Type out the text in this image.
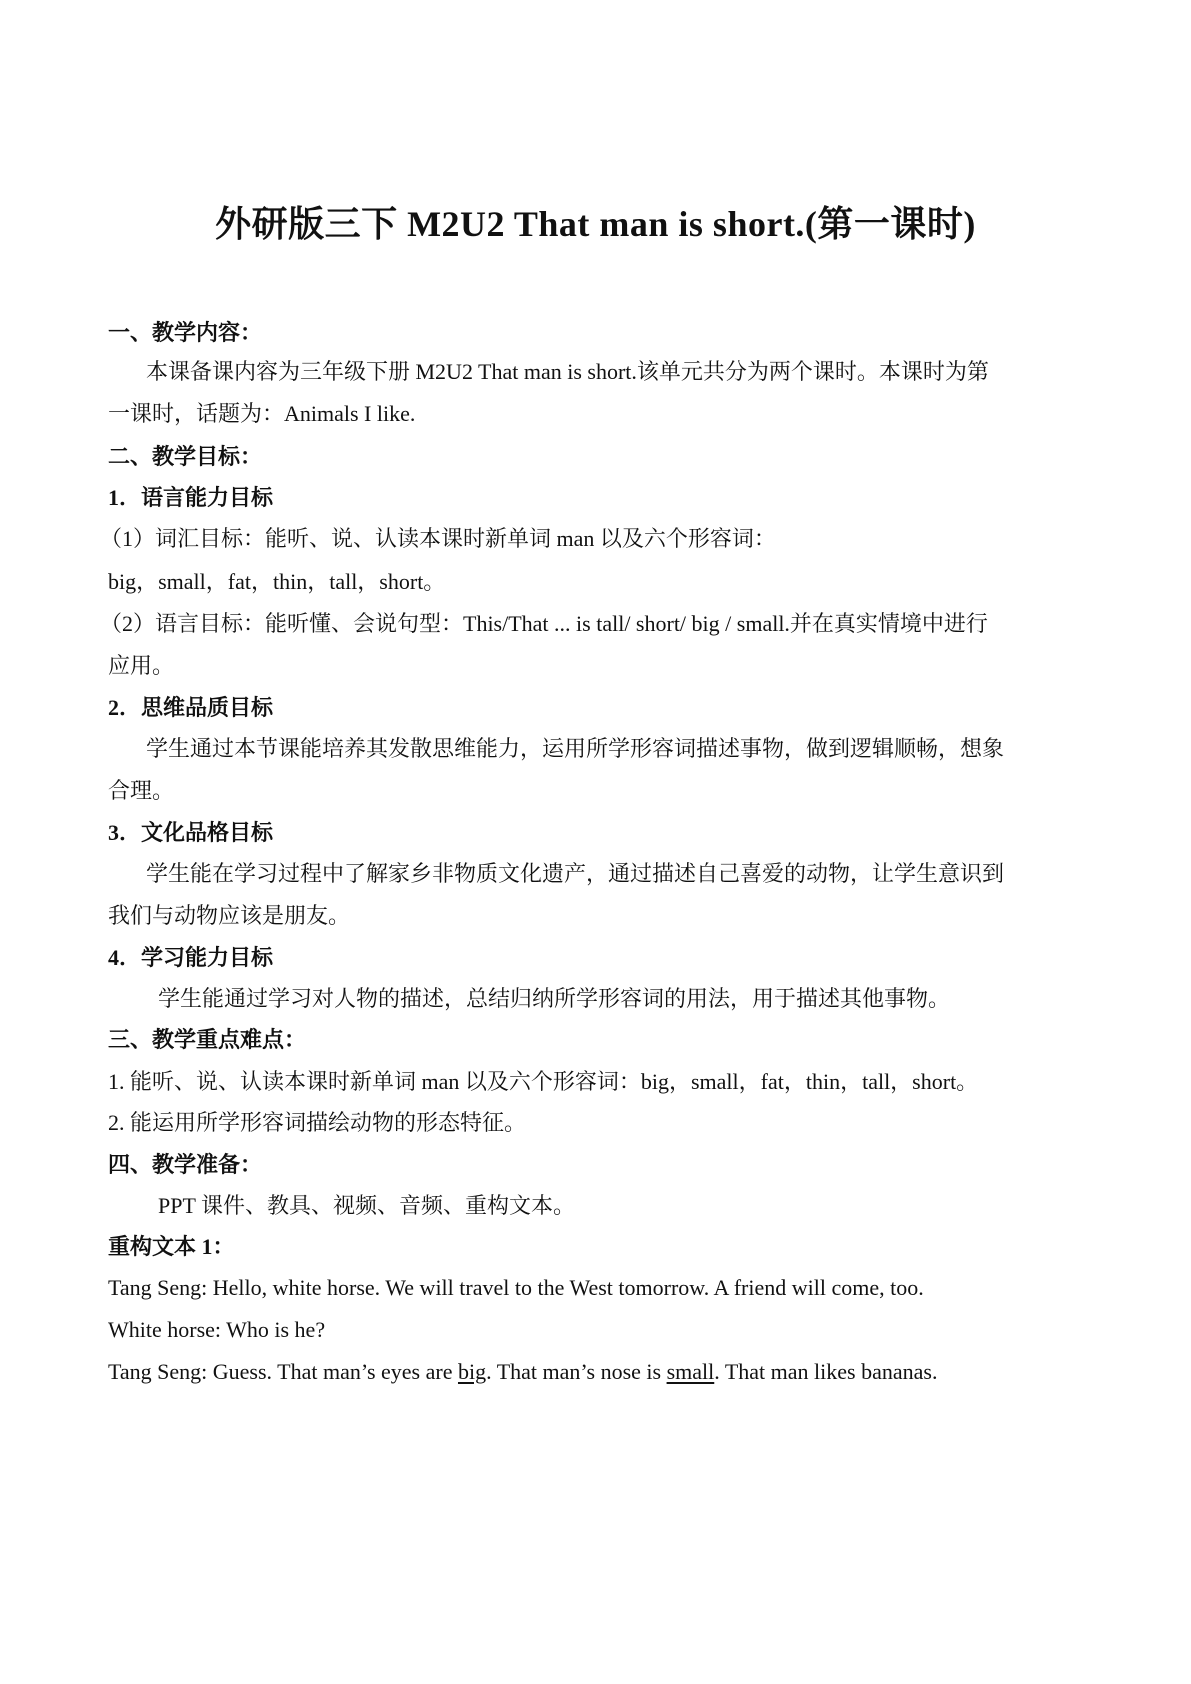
外研版三下 M2U2 That man is short.(第一课时)
一、教学内容：
本课备课内容为三年级下册 M2U2 That man is short.该单元共分为两个课时。本课时为第
一课时，话题为：Animals I like.
二、教学目标：
1．语言能力目标
（1）词汇目标：能听、说、认读本课时新单词 man 以及六个形容词：
big，small，fat，thin，tall，short。
（2）语言目标：能听懂、会说句型：This/That ... is tall/ short/ big / small.并在真实情境中进行
应用。
2．思维品质目标
学生通过本节课能培养其发散思维能力，运用所学形容词描述事物，做到逻辑顺畅，想象
合理。
3．文化品格目标
学生能在学习过程中了解家乡非物质文化遗产，通过描述自己喜爱的动物，让学生意识到
我们与动物应该是朋友。
4．学习能力目标
学生能通过学习对人物的描述，总结归纳所学形容词的用法，用于描述其他事物。
三、教学重点难点：
1. 能听、说、认读本课时新单词 man 以及六个形容词：big，small，fat，thin，tall，short。
2. 能运用所学形容词描绘动物的形态特征。
四、教学准备：
PPT 课件、教具、视频、音频、重构文本。
重构文本 1：
Tang Seng: Hello, white horse. We will travel to the West tomorrow. A friend will come, too.
White horse: Who is he?
Tang Seng: Guess. That man’s eyes are big. That man’s nose is small. That man likes bananas.
